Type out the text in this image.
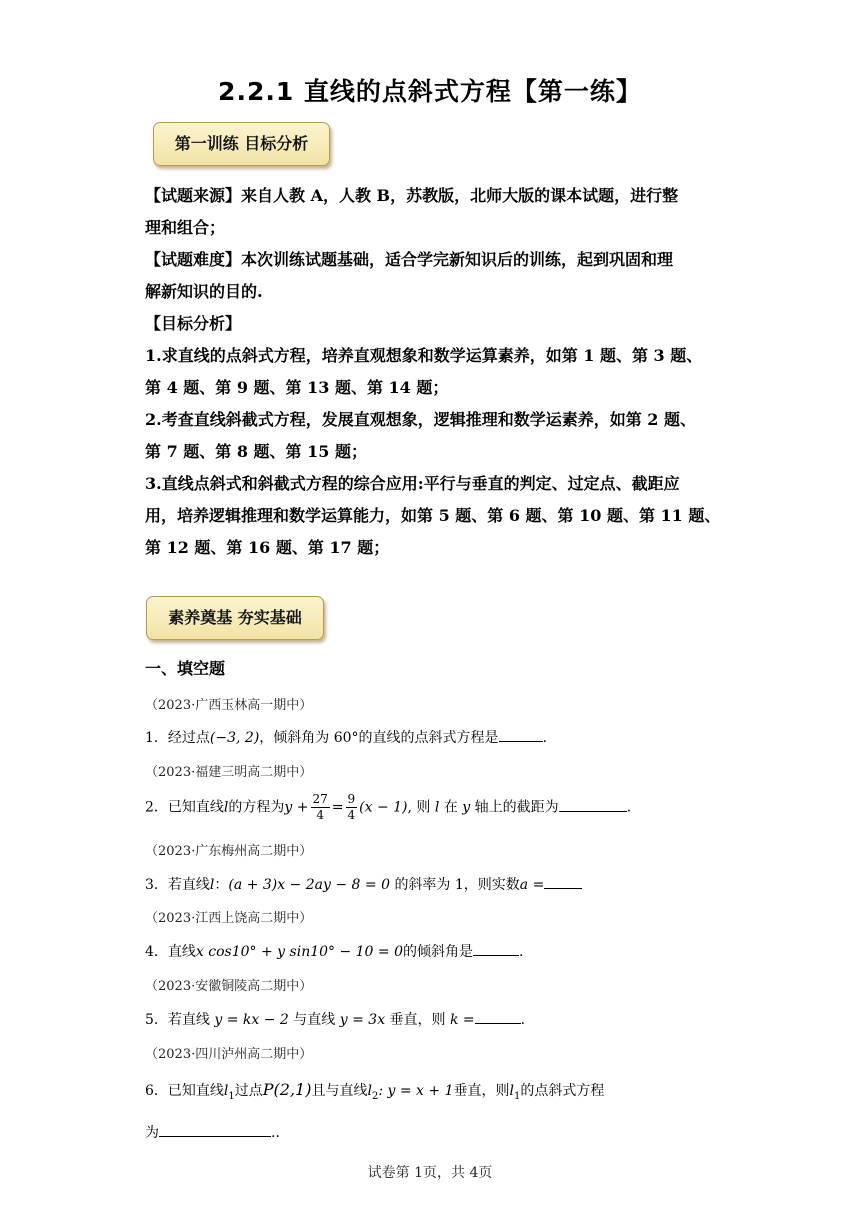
2.2.1 直线的点斜式方程【第一练】
第一训练 目标分析

【试题来源】来自人教 A，人教 B，苏教版，北师大版的课本试题，进行整

理和组合；

【试题难度】本次训练试题基础，适合学完新知识后的训练，起到巩固和理

解新知识的目的.

【目标分析】

1.求直线的点斜式方程，培养直观想象和数学运算素养，如第 1 题、第 3 题、

第 4 题、第 9 题、第 13 题、第 14 题；

2.考查直线斜截式方程，发展直观想象，逻辑推理和数学运素养，如第 2 题、

第 7 题、第 8 题、第 15 题；

3.直线点斜式和斜截式方程的综合应用:平行与垂直的判定、过定点、截距应

用，培养逻辑推理和数学运算能力，如第 5 题、第 6 题、第 10 题、第 11 题、

第 12 题、第 16 题、第 17 题；

素养奠基 夯实基础
一、填空题
（2023·广西玉林高一期中）
1．经过点(−3, 2)，倾斜角为 60°的直线的点斜式方程是	.
（2023·福建三明高二期中）
2．已知直线l的方程为$y + \frac{27}{4} = \frac{9}{4} (x - 1)$, 则 l 在 y 轴上的截距为	.
（2023·广东梅州高二期中）
3．若直线l：(a + 3)x − 2ay − 8 = 0 的斜率为 1，则实数a =
（2023·江西上饶高二期中）
4．直线x cos10° + y sin10° − 10 = 0的倾斜角是	.
（2023·安徽铜陵高二期中）
5．若直线 y = kx − 2 与直线 y = 3x 垂直，则 k =	.
（2023·四川泸州高二期中）
6．已知直线$l_1$过点P(2,1)且与直线$l_2$: y = x + 1垂直，则$l_1$的点斜式方程
为	..
试卷第 1页，共 4页
